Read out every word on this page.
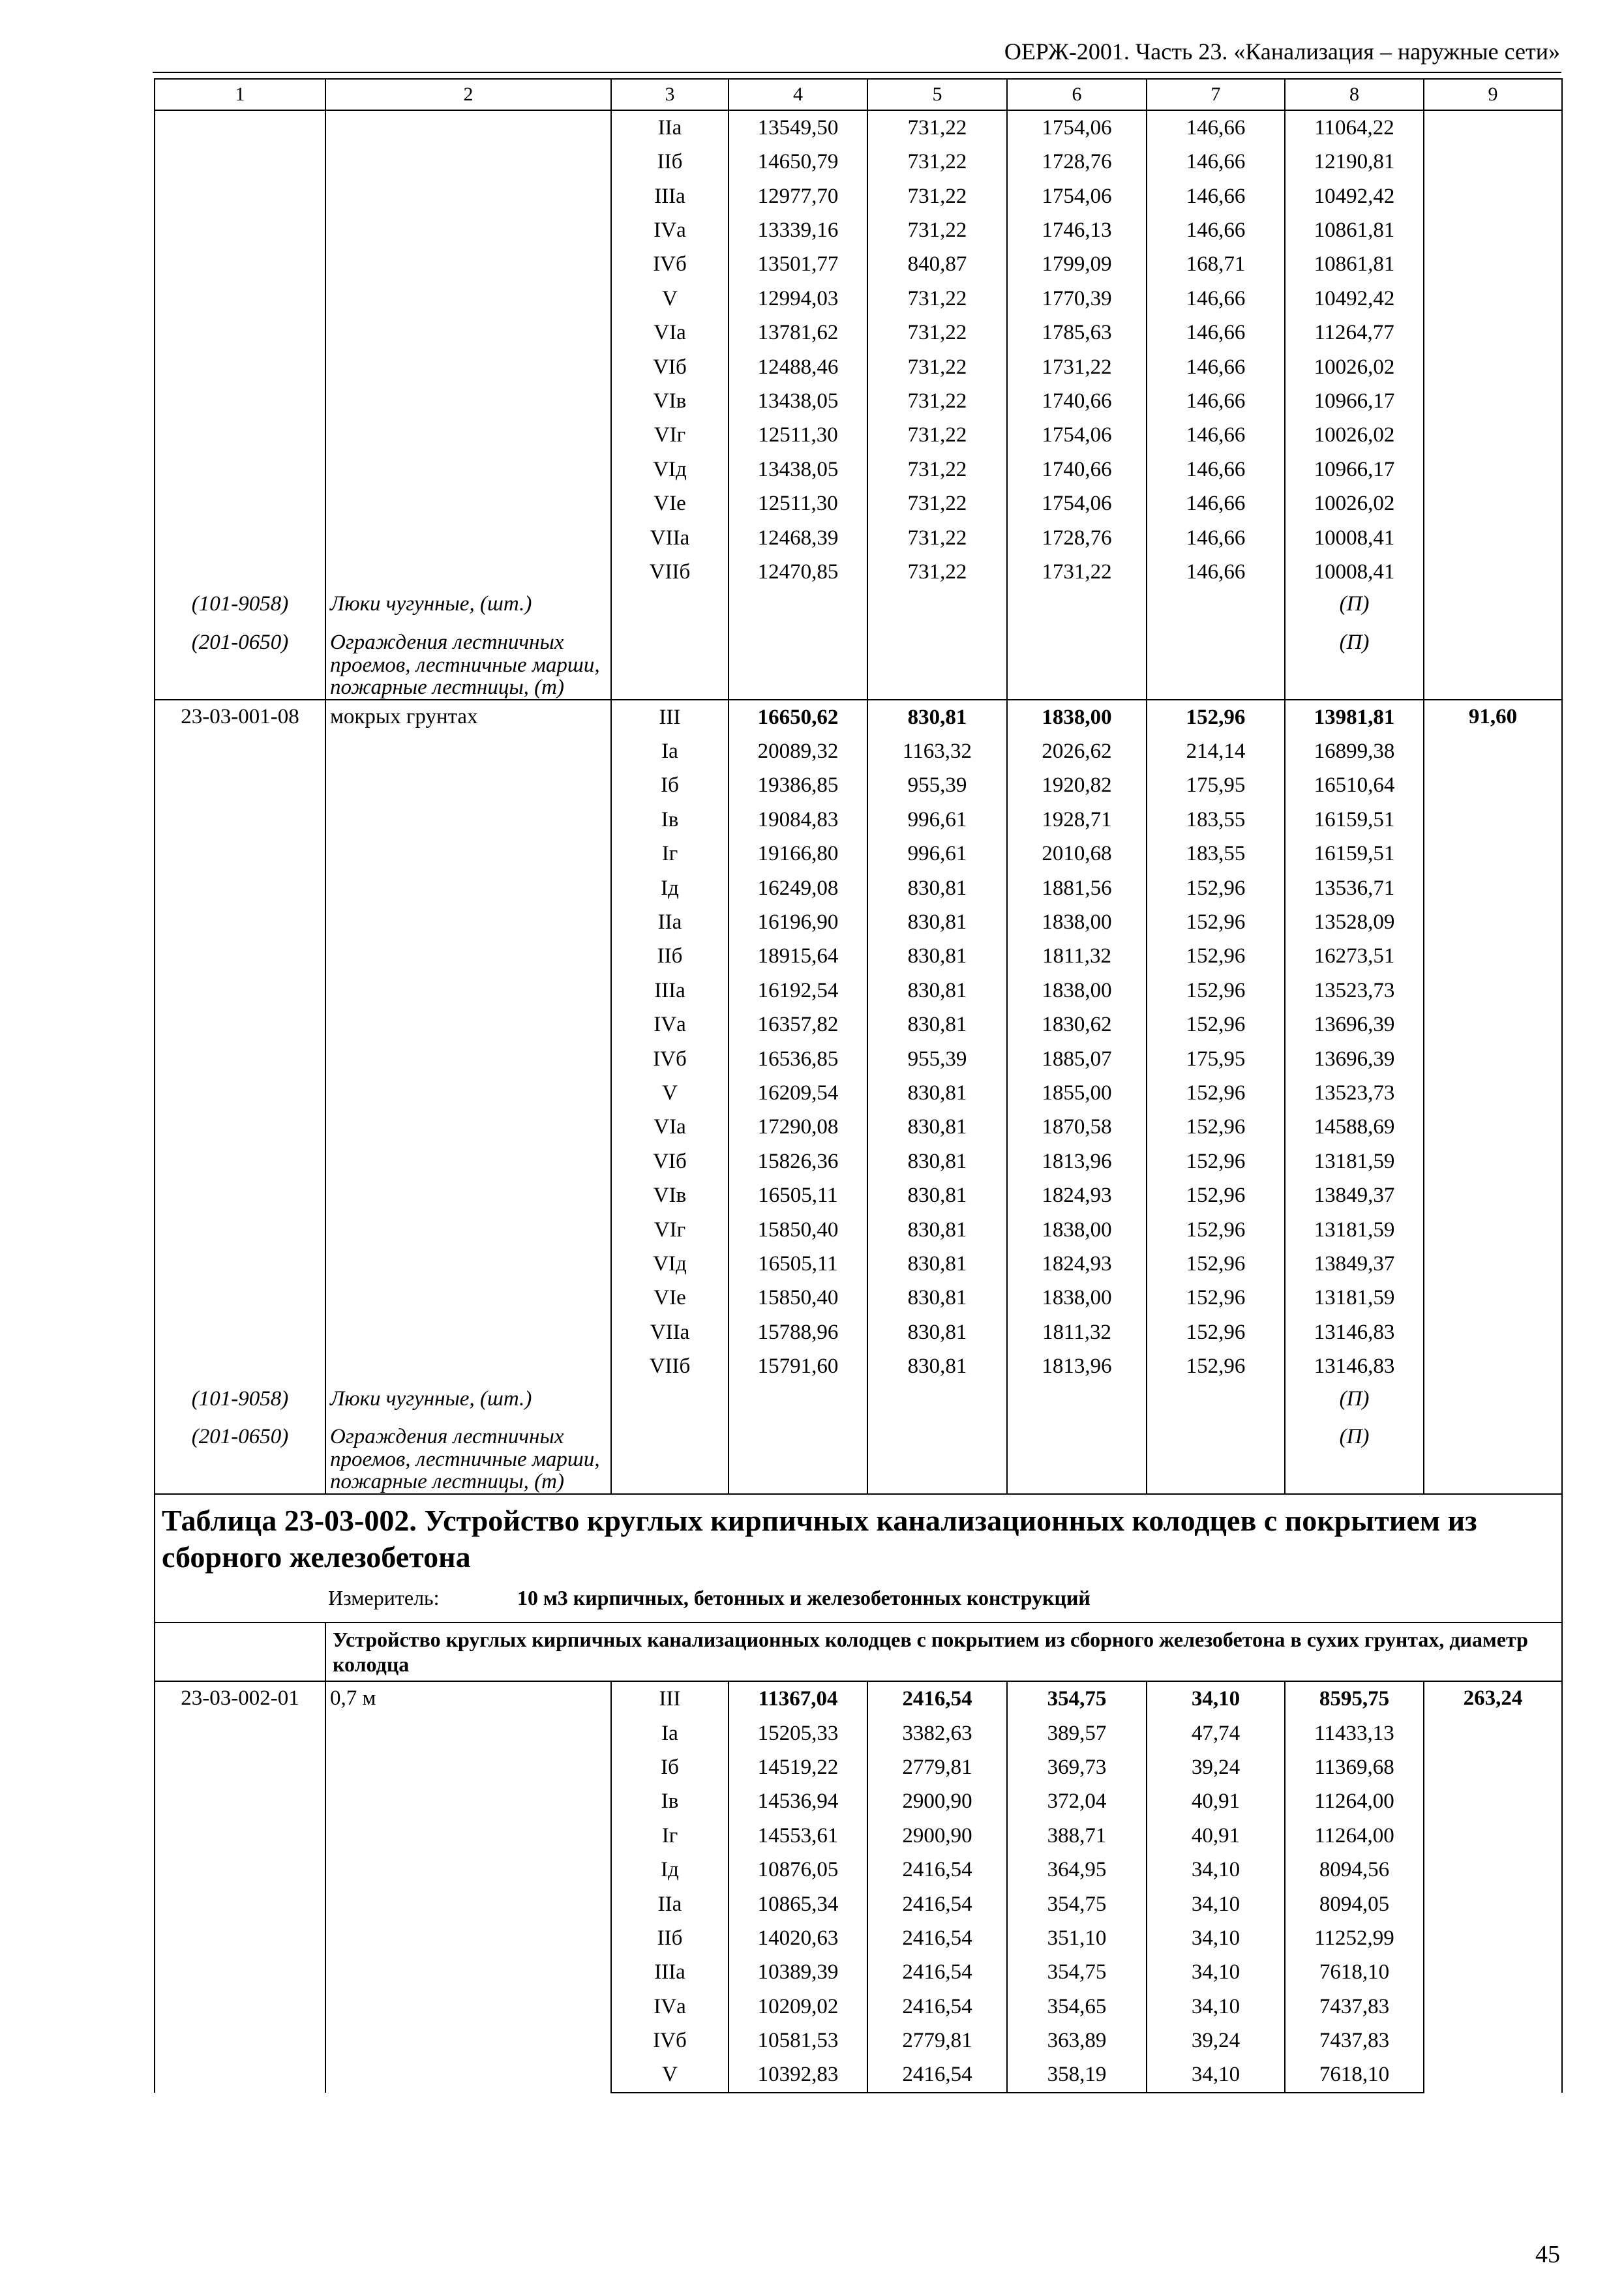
ОЕРЖ-2001. Часть 23. «Канализация – наружные сети»
1	2	3	4	5	6	7	8	9
		IIа	13549,50	731,22	1754,06	146,66	11064,22	
		IIб	14650,79	731,22	1728,76	146,66	12190,81	
		IIIа	12977,70	731,22	1754,06	146,66	10492,42	
		IVа	13339,16	731,22	1746,13	146,66	10861,81	
		IVб	13501,77	840,87	1799,09	168,71	10861,81	
		V	12994,03	731,22	1770,39	146,66	10492,42	
		VIа	13781,62	731,22	1785,63	146,66	11264,77	
		VIб	12488,46	731,22	1731,22	146,66	10026,02	
		VIв	13438,05	731,22	1740,66	146,66	10966,17	
		VIг	12511,30	731,22	1754,06	146,66	10026,02	
		VIд	13438,05	731,22	1740,66	146,66	10966,17	
		VIе	12511,30	731,22	1754,06	146,66	10026,02	
		VIIа	12468,39	731,22	1728,76	146,66	10008,41	
		VIIб	12470,85	731,22	1731,22	146,66	10008,41	
(101-9058)	Люки чугунные, (шт.)						(П)	
(201-0650)	Ограждения лестничных проемов, лестничные марши, пожарные лестницы, (т)						(П)	
23-03-001-08	мокрых грунтах	III	16650,62	830,81	1838,00	152,96	13981,81	91,60
		Iа	20089,32	1163,32	2026,62	214,14	16899,38	
		Iб	19386,85	955,39	1920,82	175,95	16510,64	
		Iв	19084,83	996,61	1928,71	183,55	16159,51	
		Iг	19166,80	996,61	2010,68	183,55	16159,51	
		Iд	16249,08	830,81	1881,56	152,96	13536,71	
		IIа	16196,90	830,81	1838,00	152,96	13528,09	
		IIб	18915,64	830,81	1811,32	152,96	16273,51	
		IIIа	16192,54	830,81	1838,00	152,96	13523,73	
		IVа	16357,82	830,81	1830,62	152,96	13696,39	
		IVб	16536,85	955,39	1885,07	175,95	13696,39	
		V	16209,54	830,81	1855,00	152,96	13523,73	
		VIа	17290,08	830,81	1870,58	152,96	14588,69	
		VIб	15826,36	830,81	1813,96	152,96	13181,59	
		VIв	16505,11	830,81	1824,93	152,96	13849,37	
		VIг	15850,40	830,81	1838,00	152,96	13181,59	
		VIд	16505,11	830,81	1824,93	152,96	13849,37	
		VIе	15850,40	830,81	1838,00	152,96	13181,59	
		VIIа	15788,96	830,81	1811,32	152,96	13146,83	
		VIIб	15791,60	830,81	1813,96	152,96	13146,83	
(101-9058)	Люки чугунные, (шт.)						(П)	
(201-0650)	Ограждения лестничных проемов, лестничные марши, пожарные лестницы, (т)						(П)	
Таблица 23-03-002. Устройство круглых кирпичных канализационных колодцев с покрытием из сборного железобетона								
Измеритель: 10 м3 кирпичных, бетонных и железобетонных конструкций								
	Устройство круглых кирпичных канализационных колодцев с покрытием из сборного железобетона в сухих грунтах, диаметр колодца							
23-03-002-01	0,7 м	III	11367,04	2416,54	354,75	34,10	8595,75	263,24
		Iа	15205,33	3382,63	389,57	47,74	11433,13	
		Iб	14519,22	2779,81	369,73	39,24	11369,68	
		Iв	14536,94	2900,90	372,04	40,91	11264,00	
		Iг	14553,61	2900,90	388,71	40,91	11264,00	
		Iд	10876,05	2416,54	364,95	34,10	8094,56	
		IIа	10865,34	2416,54	354,75	34,10	8094,05	
		IIб	14020,63	2416,54	351,10	34,10	11252,99	
		IIIа	10389,39	2416,54	354,75	34,10	7618,10	
		IVа	10209,02	2416,54	354,65	34,10	7437,83	
		IVб	10581,53	2779,81	363,89	39,24	7437,83	
		V	10392,83	2416,54	358,19	34,10	7618,10	
45
